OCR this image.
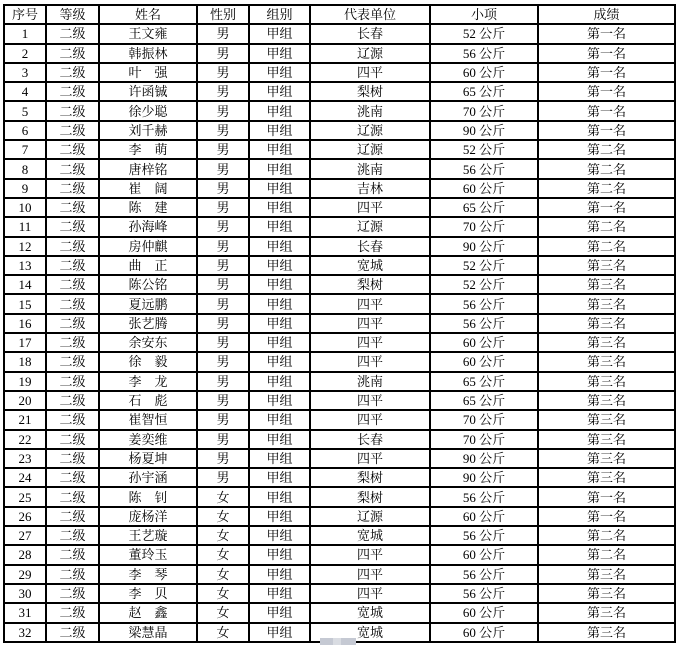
序号	等级	姓名	性别	组别	代表单位	小项	成绩
1	二级	王文雍	男	甲组	长春	52 公斤	第一名
2	二级	韩振林	男	甲组	辽源	56 公斤	第一名
3	二级	叶　强	男	甲组	四平	60 公斤	第一名
4	二级	许函铖	男	甲组	梨树	65 公斤	第一名
5	二级	徐少聪	男	甲组	洮南	70 公斤	第一名
6	二级	刘千赫	男	甲组	辽源	90 公斤	第一名
7	二级	李　萌	男	甲组	辽源	52 公斤	第二名
8	二级	唐梓铭	男	甲组	洮南	56 公斤	第二名
9	二级	崔　阔	男	甲组	吉林	60 公斤	第二名
10	二级	陈　建	男	甲组	四平	65 公斤	第一名
11	二级	孙海峰	男	甲组	辽源	70 公斤	第二名
12	二级	房仲麒	男	甲组	长春	90 公斤	第二名
13	二级	曲　正	男	甲组	宽城	52 公斤	第三名
14	二级	陈公铭	男	甲组	梨树	52 公斤	第三名
15	二级	夏远鹏	男	甲组	四平	56 公斤	第三名
16	二级	张艺腾	男	甲组	四平	56 公斤	第三名
17	二级	余安东	男	甲组	四平	60 公斤	第三名
18	二级	徐　毅	男	甲组	四平	60 公斤	第三名
19	二级	李　龙	男	甲组	洮南	65 公斤	第三名
20	二级	石　彪	男	甲组	四平	65 公斤	第三名
21	二级	崔智恒	男	甲组	四平	70 公斤	第三名
22	二级	姜奕维	男	甲组	长春	70 公斤	第三名
23	二级	杨夏坤	男	甲组	四平	90 公斤	第三名
24	二级	孙宇涵	男	甲组	梨树	90 公斤	第三名
25	二级	陈　钊	女	甲组	梨树	56 公斤	第一名
26	二级	庞杨洋	女	甲组	辽源	60 公斤	第一名
27	二级	王艺璇	女	甲组	宽城	56 公斤	第二名
28	二级	董玲玉	女	甲组	四平	60 公斤	第二名
29	二级	李　琴	女	甲组	四平	56 公斤	第三名
30	二级	李　贝	女	甲组	四平	56 公斤	第三名
31	二级	赵　鑫	女	甲组	宽城	60 公斤	第三名
32	二级	梁慧晶	女	甲组	宽城	60 公斤	第三名
